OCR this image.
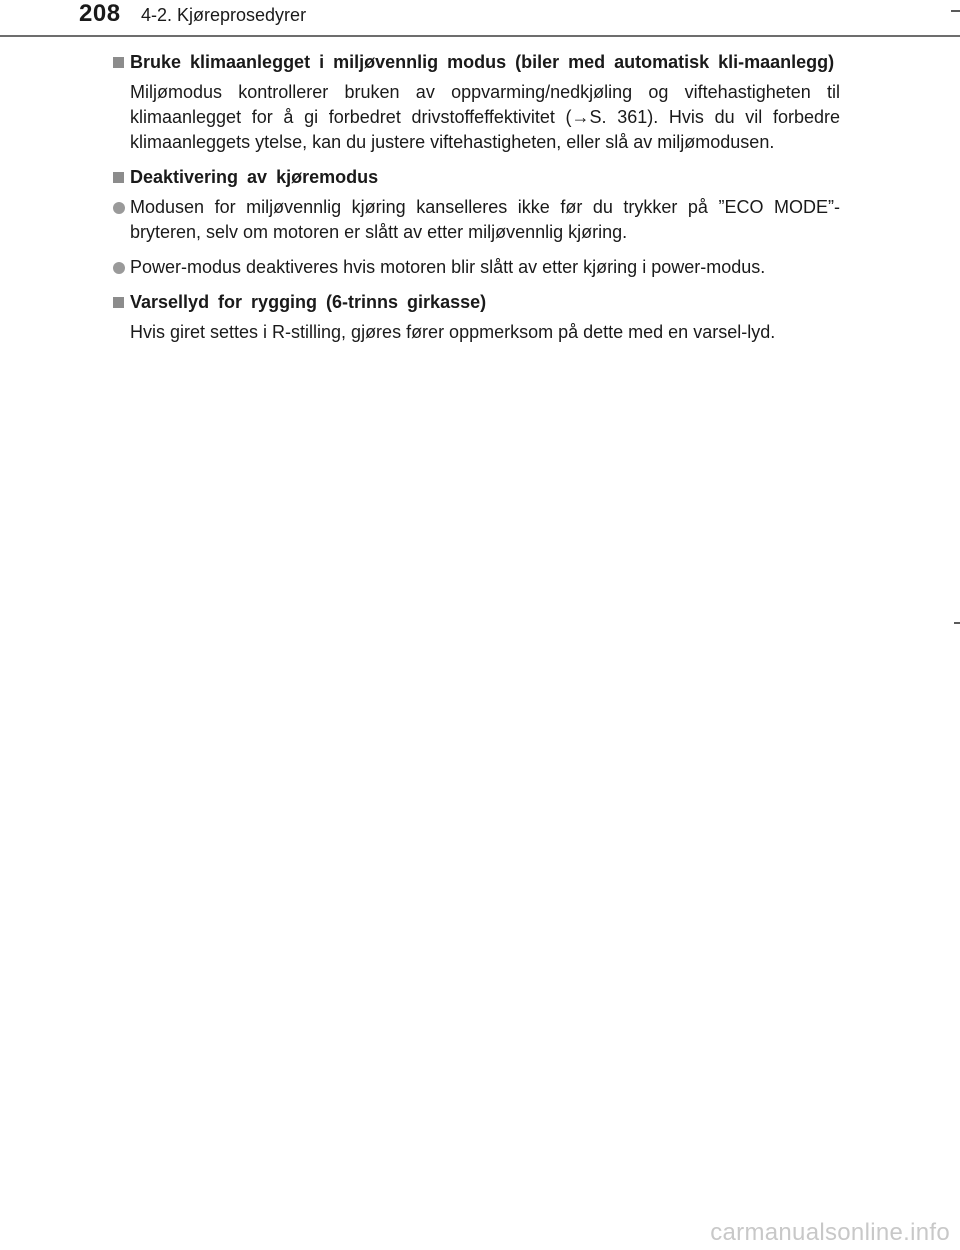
208 4-2. Kjøreprosedyrer
Bruke klimaanlegget i miljøvennlig modus (biler med automatisk kli-maanlegg)
Miljømodus kontrollerer bruken av oppvarming/nedkjøling og viftehastigheten til klimaanlegget for å gi forbedret drivstoffeffektivitet (→S. 361). Hvis du vil forbedre klimaanleggets ytelse, kan du justere viftehastigheten, eller slå av miljømodusen.
Deaktivering av kjøremodus
Modusen for miljøvennlig kjøring kanselleres ikke før du trykker på ”ECO MODE”-bryteren, selv om motoren er slått av etter miljøvennlig kjøring.
Power-modus deaktiveres hvis motoren blir slått av etter kjøring i power-modus.
Varsellyd for rygging (6-trinns girkasse)
Hvis giret settes i R-stilling, gjøres fører oppmerksom på dette med en varsel-lyd.
carmanualsonline.info
